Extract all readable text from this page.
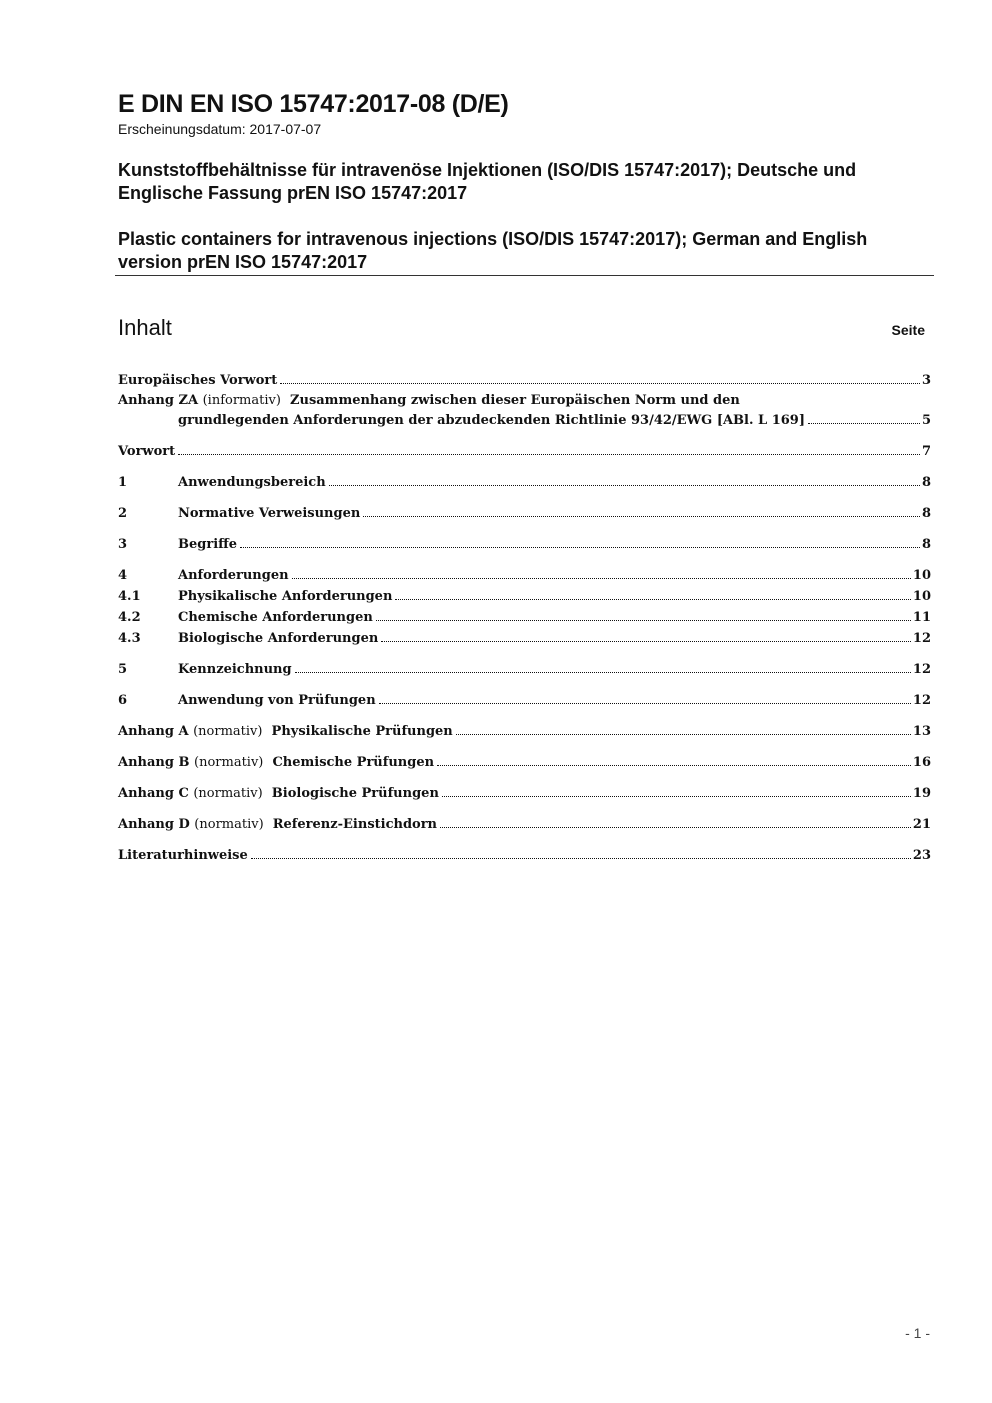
E DIN EN ISO 15747:2017-08 (D/E)
Erscheinungsdatum: 2017-07-07
Kunststoffbehältnisse für intravenöse Injektionen (ISO/DIS 15747:2017); Deutsche und Englische Fassung prEN ISO 15747:2017
Plastic containers for intravenous injections (ISO/DIS 15747:2017); German and English version prEN ISO 15747:2017
Inhalt	Seite
Europäisches Vorwort	3
Anhang ZA (informativ) Zusammenhang zwischen dieser Europäischen Norm und den
grundlegenden Anforderungen der abzudeckenden Richtlinie 93/42/EWG [ABl. L 169]	5
Vorwort	7
1	Anwendungsbereich	8
2	Normative Verweisungen	8
3	Begriffe	8
4	Anforderungen	10
4.1	Physikalische Anforderungen	10
4.2	Chemische Anforderungen	11
4.3	Biologische Anforderungen	12
5	Kennzeichnung	12
6	Anwendung von Prüfungen	12
Anhang A (normativ) Physikalische Prüfungen	13
Anhang B (normativ) Chemische Prüfungen	16
Anhang C (normativ) Biologische Prüfungen	19
Anhang D (normativ) Referenz-Einstichdorn	21
Literaturhinweise	23
- 1 -
